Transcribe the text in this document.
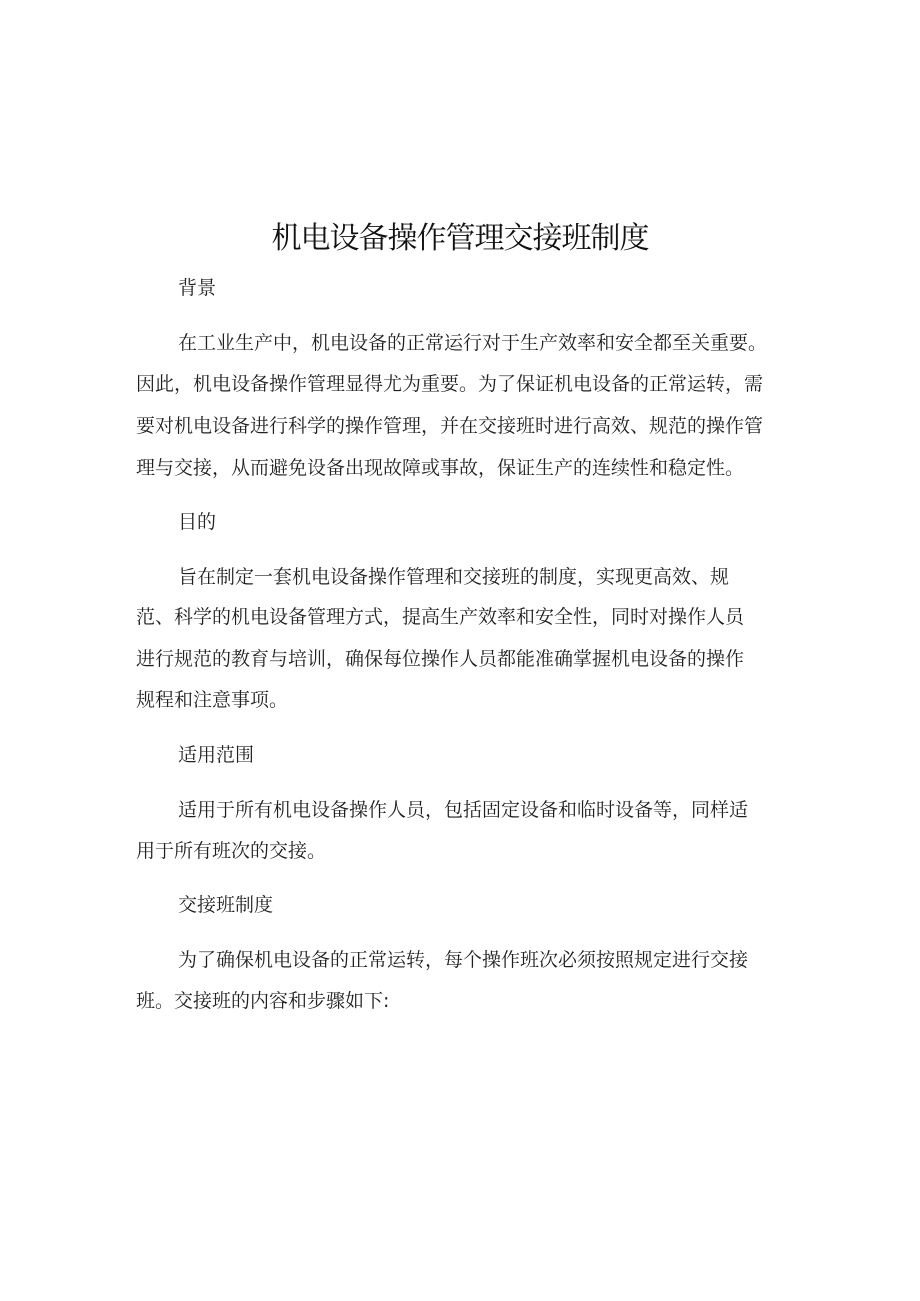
机电设备操作管理交接班制度

背景

在工业生产中，机电设备的正常运行对于生产效率和安全都至关重要。

因此，机电设备操作管理显得尤为重要。为了保证机电设备的正常运转，需

要对机电设备进行科学的操作管理，并在交接班时进行高效、规范的操作管

理与交接，从而避免设备出现故障或事故，保证生产的连续性和稳定性。

目的

旨在制定一套机电设备操作管理和交接班的制度，实现更高效、规

范、科学的机电设备管理方式，提高生产效率和安全性，同时对操作人员

进行规范的教育与培训，确保每位操作人员都能准确掌握机电设备的操作

规程和注意事项。

适用范围

适用于所有机电设备操作人员，包括固定设备和临时设备等，同样适

用于所有班次的交接。

交接班制度

为了确保机电设备的正常运转，每个操作班次必须按照规定进行交接

班。交接班的内容和步骤如下:
